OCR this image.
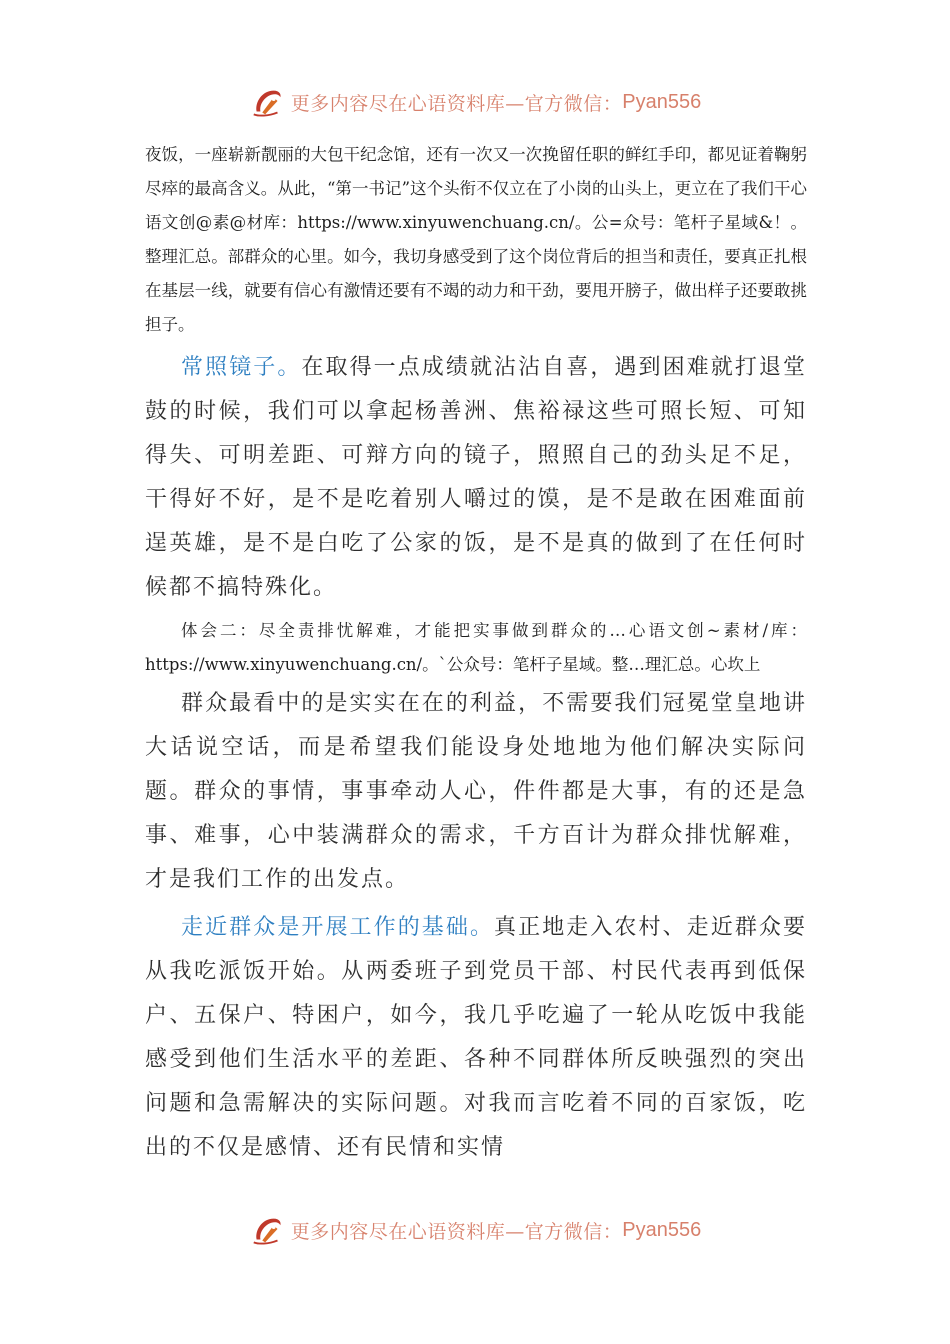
更多内容尽在心语资料库—官方微信： Pyan556

夜饭，一座崭新靓丽的大包干纪念馆，还有一次又一次挽留任职的鲜红手印，都见证着鞠躬尽瘁的最高含义。从此，“第一书记”这个头衔不仅立在了小岗的山头上，更立在了我们干心语文创@素@材库：https://www.xinyuwenchuang.cn/。公=众号：笔杆子星域&！。整理汇总。部群众的心里。如今，我切身感受到了这个岗位背后的担当和责任，要真正扎根在基层一线，就要有信心有激情还要有不竭的动力和干劲，要甩开膀子，做出样子还要敢挑担子。

常照镜子。在取得一点成绩就沾沾自喜，遇到困难就打退堂鼓的时候，我们可以拿起杨善洲、焦裕禄这些可照长短、可知得失、可明差距、可辩方向的镜子，照照自己的劲头足不足，干得好不好，是不是吃着别人嚼过的馍，是不是敢在困难面前逞英雄，是不是白吃了公家的饭，是不是真的做到了在任何时候都不搞特殊化。

体会二：尽全责排忧解难，才能把实事做到群众的…心语文创~素材/库：https://www.xinyuwenchuang.cn/。`公众号：笔杆子星域。整…理汇总。心坎上

群众最看中的是实实在在的利益，不需要我们冠冕堂皇地讲大话说空话，而是希望我们能设身处地地为他们解决实际问题。群众的事情，事事牵动人心，件件都是大事，有的还是急事、难事，心中装满群众的需求，千方百计为群众排忧解难，才是我们工作的出发点。

走近群众是开展工作的基础。真正地走入农村、走近群众要从我吃派饭开始。从两委班子到党员干部、村民代表再到低保户、五保户、特困户，如今，我几乎吃遍了一轮从吃饭中我能感受到他们生活水平的差距、各种不同群体所反映强烈的突出问题和急需解决的实际问题。对我而言吃着不同的百家饭，吃出的不仅是感情、还有民情和实情

更多内容尽在心语资料库—官方微信： Pyan556
